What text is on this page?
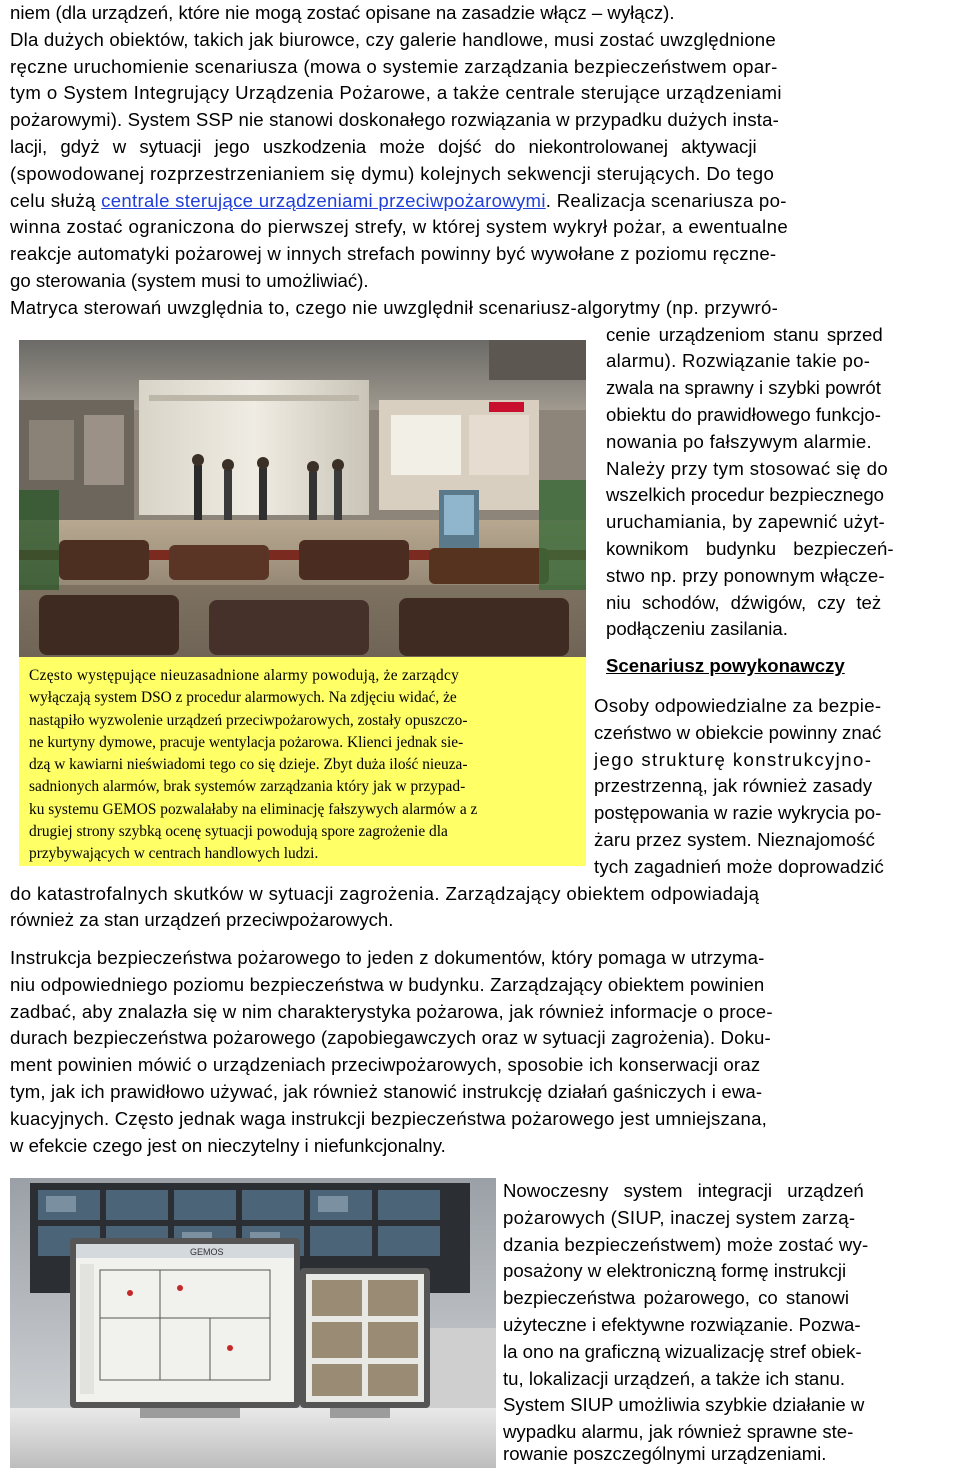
niem (dla urządzeń, które nie mogą zostać opisane na zasadzie włącz – wyłącz).
Dla dużych obiektów, takich jak biurowce, czy galerie handlowe, musi zostać uwzględnione
ręczne uruchomienie scenariusza (mowa o systemie zarządzania bezpieczeństwem opar-
tym o System Integrujący Urządzenia Pożarowe, a także centrale sterujące urządzeniami
pożarowymi). System SSP nie stanowi doskonałego rozwiązania w przypadku dużych insta-
lacji, gdyż w sytuacji jego uszkodzenia może dojść do niekontrolowanej aktywacji
(spowodowanej rozprzestrzenianiem się dymu) kolejnych sekwencji sterujących. Do tego
celu służą centrale sterujące urządzeniami przeciwpożarowymi. Realizacja scenariusza po-
winna zostać ograniczona do pierwszej strefy, w której system wykrył pożar, a ewentualne
reakcje automatyki pożarowej w innych strefach powinny być wywołane z poziomu ręczne-
go sterowania (system musi to umożliwiać).
Matryca sterowań uwzględnia to, czego nie uwzględnił scenariusz-algorytmy (np. przywró-
cenie urządzeniom stanu sprzed
alarmu). Rozwiązanie takie po-
zwala na sprawny i szybki powrót
obiektu do prawidłowego funkcjo-
nowania po fałszywym alarmie.
Należy przy tym stosować się do
wszelkich procedur bezpiecznego
uruchamiania, by zapewnić użyt-
kownikom budynku bezpieczeń-
stwo np. przy ponownym włącze-
niu schodów, dźwigów, czy też
podłączeniu zasilania.
Często występujące nieuzasadnione alarmy powodują, że zarządcy
wyłączają system DSO z procedur alarmowych. Na zdjęciu widać, że
nastąpiło wyzwolenie urządzeń przeciwpożarowych, zostały opuszczo-
ne kurtyny dymowe, pracuje wentylacja pożarowa. Klienci jednak sie-
dzą w kawiarni nieświadomi tego co się dzieje. Zbyt duża ilość nieuza-
sadnionych alarmów, brak systemów zarządzania który jak w przypad-
ku systemu GEMOS pozwalałaby na eliminację fałszywych alarmów a z
drugiej strony szybką ocenę sytuacji powodują spore zagrożenie dla
przybywających w centrach handlowych ludzi.
Scenariusz powykonawczy
Osoby odpowiedzialne za bezpie-
czeństwo w obiekcie powinny znać
jego strukturę konstrukcyjno-
przestrzenną, jak również zasady
postępowania w razie wykrycia po-
żaru przez system. Nieznajomość
tych zagadnień może doprowadzić
do katastrofalnych skutków w sytuacji zagrożenia. Zarządzający obiektem odpowiadają
również za stan urządzeń przeciwpożarowych.
Instrukcja bezpieczeństwa pożarowego to jeden z dokumentów, który pomaga w utrzyma-
niu odpowiedniego poziomu bezpieczeństwa w budynku. Zarządzający obiektem powinien
zadbać, aby znalazła się w nim charakterystyka pożarowa, jak również informacje o proce-
durach bezpieczeństwa pożarowego (zapobiegawczych oraz w sytuacji zagrożenia). Doku-
ment powinien mówić o urządzeniach przeciwpożarowych, sposobie ich konserwacji oraz
tym, jak ich prawidłowo używać, jak również stanowić instrukcję działań gaśniczych i ewa-
kuacyjnych. Często jednak waga instrukcji bezpieczeństwa pożarowego jest umniejszana,
w efekcie czego jest on nieczytelny i niefunkcjonalny.
GEMOS
Nowoczesny system integracji urządzeń
pożarowych (SIUP, inaczej system zarzą-
dzania bezpieczeństwem) może zostać wy-
posażony w elektroniczną formę instrukcji
bezpieczeństwa pożarowego, co stanowi
użyteczne i efektywne rozwiązanie. Pozwa-
la ono na graficzną wizualizację stref obiek-
tu, lokalizacji urządzeń, a także ich stanu.
System SIUP umożliwia szybkie działanie w
wypadku alarmu, jak również sprawne ste-
rowanie poszczególnymi urządzeniami.
